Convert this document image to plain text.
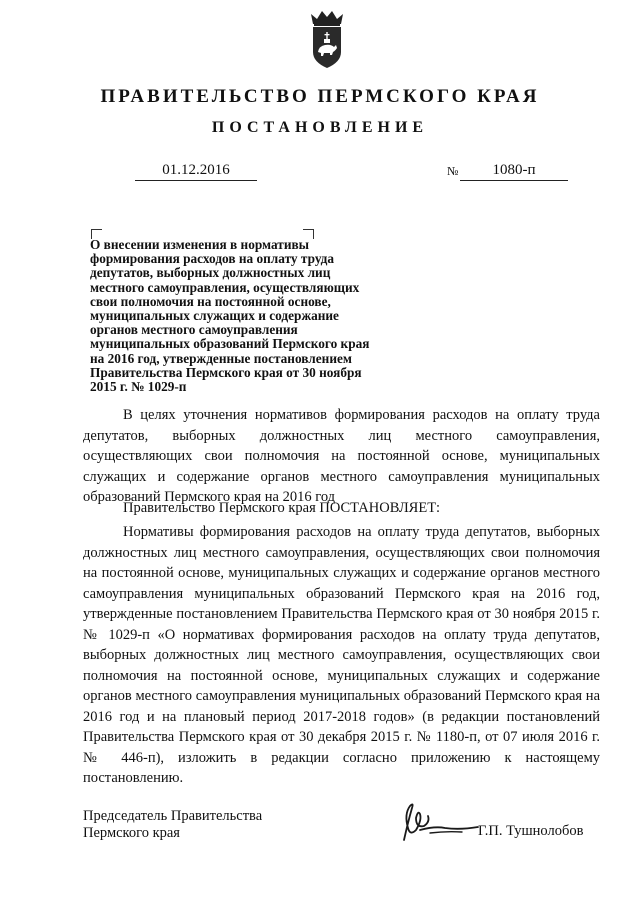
ПРАВИТЕЛЬСТВО ПЕРМСКОГО КРАЯ
ПОСТАНОВЛЕНИЕ
01.12.2016	№	1080-п
О внесении изменения в нормативы
формирования расходов на оплату труда
депутатов, выборных должностных лиц
местного самоуправления, осуществляющих
свои полномочия на постоянной основе,
муниципальных служащих и содержание
органов местного самоуправления
муниципальных образований Пермского края
на 2016 год, утвержденные постановлением
Правительства Пермского края от 30 ноября
2015 г. № 1029-п
В целях уточнения нормативов формирования расходов на оплату труда депутатов, выборных должностных лиц местного самоуправления, осуществляющих свои полномочия на постоянной основе, муниципальных служащих и содержание органов местного самоуправления муниципальных образований Пермского края на 2016 год
Правительство Пермского края ПОСТАНОВЛЯЕТ:
Нормативы формирования расходов на оплату труда депутатов, выборных должностных лиц местного самоуправления, осуществляющих свои полномочия на постоянной основе, муниципальных служащих и содержание органов местного самоуправления муниципальных образований Пермского края на 2016 год, утвержденные постановлением Правительства Пермского края от 30 ноября 2015 г. № 1029-п «О нормативах формирования расходов на оплату труда депутатов, выборных должностных лиц местного самоуправления, осуществляющих свои полномочия на постоянной основе, муниципальных служащих и содержание органов местного самоуправления муниципальных образований Пермского края на 2016 год и на плановый период 2017-2018 годов» (в редакции постановлений Правительства Пермского края от 30 декабря 2015 г. № 1180-п, от 07 июля 2016 г. № 446-п), изложить в редакции согласно приложению к настоящему постановлению.
Председатель Правительства
Пермского края	Г.П. Тушнолобов
